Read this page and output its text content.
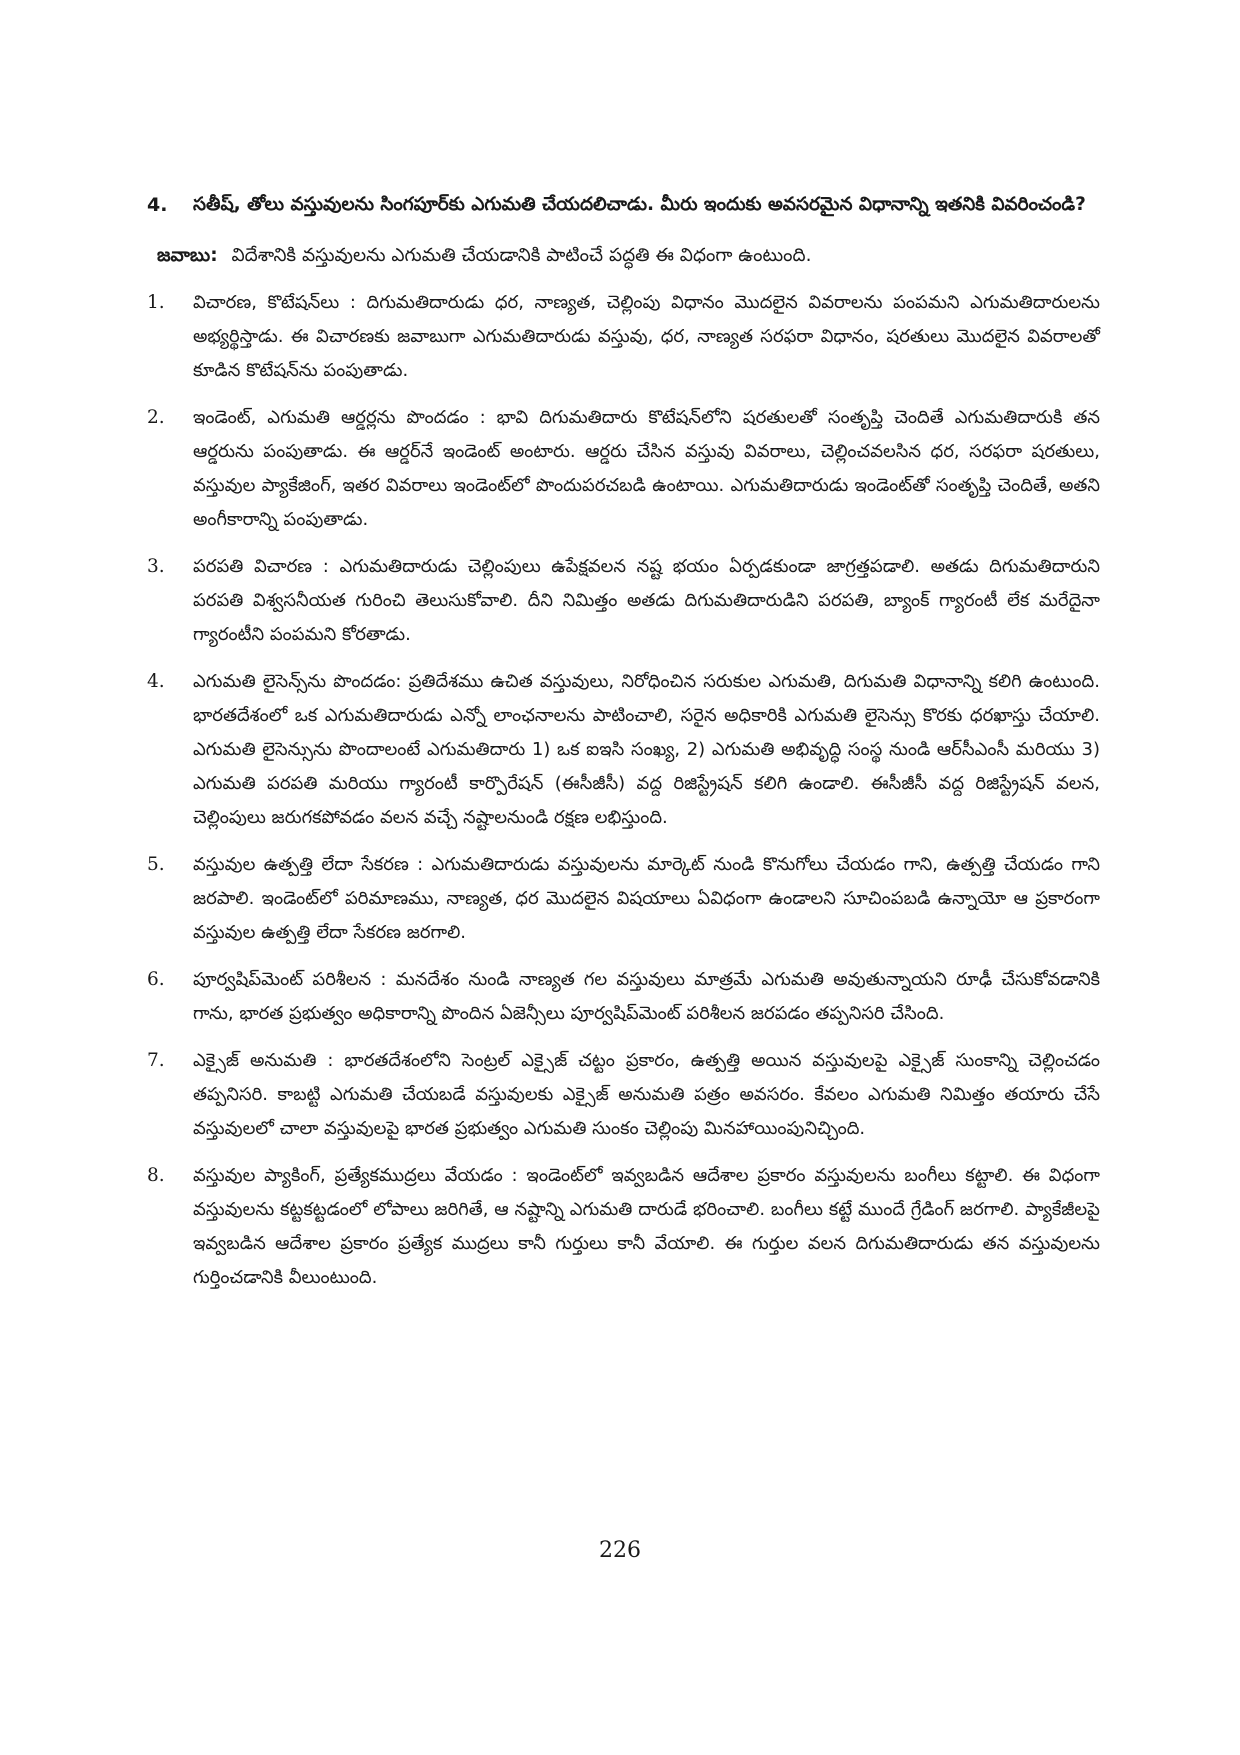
4.	సతీష్, తోలు వస్తువులను సింగపూర్‌కు ఎగుమతి చేయదలిచాడు. మీరు ఇందుకు అవసరమైన విధానాన్ని ఇతనికి వివరించండి?
జవాబు: విదేశానికి వస్తువులను ఎగుమతి చేయడానికి పాటించే పద్ధతి ఈ విధంగా ఉంటుంది.
1.	విచారణ, కొటేషన్‌లు : దిగుమతిదారుడు ధర, నాణ్యత, చెల్లింపు విధానం మొదలైన వివరాలను పంపమని ఎగుమతిదారులను అభ్యర్థిస్తాడు. ఈ విచారణకు జవాబుగా ఎగుమతిదారుడు వస్తువు, ధర, నాణ్యత సరఫరా విధానం, షరతులు మొదలైన వివరాలతో కూడిన కొటేషన్‌ను పంపుతాడు.
2.	ఇండెంట్, ఎగుమతి ఆర్డర్లను పొందడం : భావి దిగుమతిదారు కొటేషన్‌లోని షరతులతో సంతృప్తి చెందితే ఎగుమతిదారుకి తన ఆర్డరును పంపుతాడు. ఈ ఆర్డర్‌నే ఇండెంట్ అంటారు. ఆర్డరు చేసిన వస్తువు వివరాలు, చెల్లించవలసిన ధర, సరఫరా షరతులు, వస్తువుల ప్యాకేజింగ్, ఇతర వివరాలు ఇండెంట్‌లో పొందుపరచబడి ఉంటాయి. ఎగుమతిదారుడు ఇండెంట్‌తో సంతృప్తి చెందితే, అతని అంగీకారాన్ని పంపుతాడు.
3.	పరపతి విచారణ : ఎగుమతిదారుడు చెల్లింపులు ఉపేక్షవలన నష్ట భయం ఏర్పడకుండా జాగ్రత్తపడాలి. అతడు దిగుమతిదారుని పరపతి విశ్వసనీయత గురించి తెలుసుకోవాలి. దీని నిమిత్తం అతడు దిగుమతిదారుడిని పరపతి, బ్యాంక్ గ్యారంటీ లేక మరేదైనా గ్యారంటీని పంపమని కోరతాడు.
4.	ఎగుమతి లైసెన్స్‌ను పొందడం: ప్రతిదేశము ఉచిత వస్తువులు, నిరోధించిన సరుకుల ఎగుమతి, దిగుమతి విధానాన్ని కలిగి ఉంటుంది. భారతదేశంలో ఒక ఎగుమతిదారుడు ఎన్నో లాంఛనాలను పాటించాలి, సరైన అధికారికి ఎగుమతి లైసెన్సు కొరకు ధరఖాస్తు చేయాలి. ఎగుమతి లైసెన్సును పొందాలంటే ఎగుమతిదారు 1) ఒక ఐఇసి సంఖ్య, 2) ఎగుమతి అభివృద్ధి సంస్థ నుండి ఆర్‌సీఎంసీ మరియు 3) ఎగుమతి పరపతి మరియు గ్యారంటీ కార్పొరేషన్ (ఈసీజీసీ) వద్ద రిజిస్ట్రేషన్ కలిగి ఉండాలి. ఈసీజీసీ వద్ద రిజిస్ట్రేషన్ వలన, చెల్లింపులు జరుగకపోవడం వలన వచ్చే నష్టాలనుండి రక్షణ లభిస్తుంది.
5.	వస్తువుల ఉత్పత్తి లేదా సేకరణ : ఎగుమతిదారుడు వస్తువులను మార్కెట్ నుండి కొనుగోలు చేయడం గాని, ఉత్పత్తి చేయడం గాని జరపాలి. ఇండెంట్‌లో పరిమాణము, నాణ్యత, ధర మొదలైన విషయాలు ఏవిధంగా ఉండాలని సూచింపబడి ఉన్నాయో ఆ ప్రకారంగా వస్తువుల ఉత్పత్తి లేదా సేకరణ జరగాలి.
6.	పూర్వషిప్‌మెంట్ పరిశీలన : మనదేశం నుండి నాణ్యత గల వస్తువులు మాత్రమే ఎగుమతి అవుతున్నాయని రూఢీ చేసుకోవడానికి గాను, భారత ప్రభుత్వం అధికారాన్ని పొందిన ఏజెన్సీలు పూర్వషిప్‌మెంట్ పరిశీలన జరపడం తప్పనిసరి చేసింది.
7.	ఎక్సైజ్ అనుమతి : భారతదేశంలోని సెంట్రల్ ఎక్సైజ్ చట్టం ప్రకారం, ఉత్పత్తి అయిన వస్తువులపై ఎక్సైజ్ సుంకాన్ని చెల్లించడం తప్పనిసరి. కాబట్టి ఎగుమతి చేయబడే వస్తువులకు ఎక్సైజ్ అనుమతి పత్రం అవసరం. కేవలం ఎగుమతి నిమిత్తం తయారు చేసే వస్తువులలో చాలా వస్తువులపై భారత ప్రభుత్వం ఎగుమతి సుంకం చెల్లింపు మినహాయింపునిచ్చింది.
8.	వస్తువుల ప్యాకింగ్, ప్రత్యేకముద్రలు వేయడం : ఇండెంట్‌లో ఇవ్వబడిన ఆదేశాల ప్రకారం వస్తువులను బంగీలు కట్టాలి. ఈ విధంగా వస్తువులను కట్టకట్టడంలో లోపాలు జరిగితే, ఆ నష్టాన్ని ఎగుమతి దారుడే భరించాలి. బంగీలు కట్టే ముందే గ్రేడింగ్ జరగాలి. ప్యాకేజీలపై ఇవ్వబడిన ఆదేశాల ప్రకారం ప్రత్యేక ముద్రలు కానీ గుర్తులు కానీ వేయాలి. ఈ గుర్తుల వలన దిగుమతిదారుడు తన వస్తువులను గుర్తించడానికి వీలుంటుంది.
226
